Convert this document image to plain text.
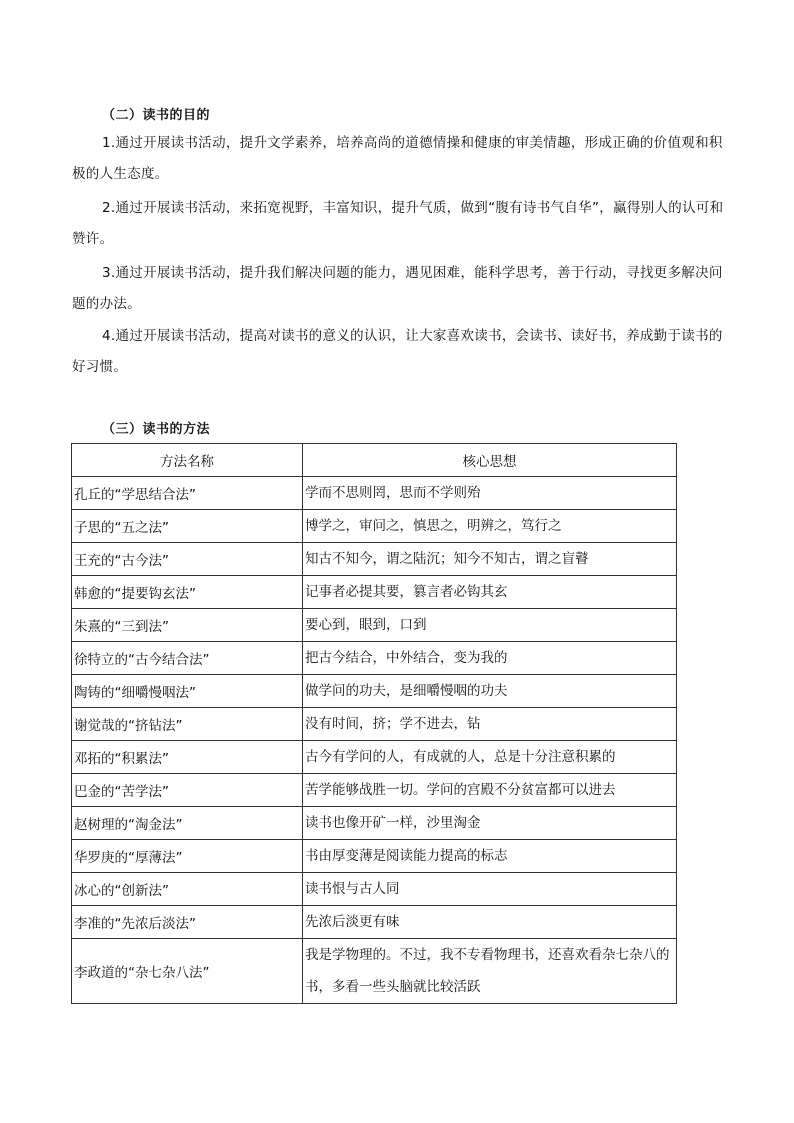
（二）读书的目的

1.通过开展读书活动，提升文学素养，培养高尚的道德情操和健康的审美情趣，形成正确的价值观和积极的人生态度。

2.通过开展读书活动，来拓宽视野，丰富知识，提升气质，做到“腹有诗书气自华”，赢得别人的认可和赞许。

3.通过开展读书活动，提升我们解决问题的能力，遇见困难，能科学思考，善于行动，寻找更多解决问题的办法。

4.通过开展读书活动，提高对读书的意义的认识，让大家喜欢读书，会读书、读好书，养成勤于读书的好习惯。

（三）读书的方法
方法名称	核心思想
孔丘的“学思结合法”	学而不思则罔，思而不学则殆
子思的“五之法”	博学之，审问之，慎思之，明辨之，笃行之
王充的“古今法”	知古不知今，谓之陆沉；知今不知古，谓之盲瞽
韩愈的“提要钩玄法”	记事者必提其要，篡言者必钩其玄
朱熹的“三到法”	要心到，眼到，口到
徐特立的“古今结合法”	把古今结合，中外结合，变为我的
陶铸的“细嚼慢咽法”	做学问的功夫，是细嚼慢咽的功夫
谢觉哉的“挤钻法”	没有时间，挤；学不进去，钻
邓拓的“积累法”	古今有学问的人，有成就的人，总是十分注意积累的
巴金的“苦学法”	苦学能够战胜一切。学问的宫殿不分贫富都可以进去
赵树理的“淘金法”	读书也像开矿一样，沙里淘金
华罗庚的“厚薄法”	书由厚变薄是阅读能力提高的标志
冰心的“创新法”	读书恨与古人同
李准的“先浓后淡法”	先浓后淡更有味
李政道的“杂七杂八法”	我是学物理的。不过，我不专看物理书，还喜欢看杂七杂八的书，多看一些头脑就比较活跃
